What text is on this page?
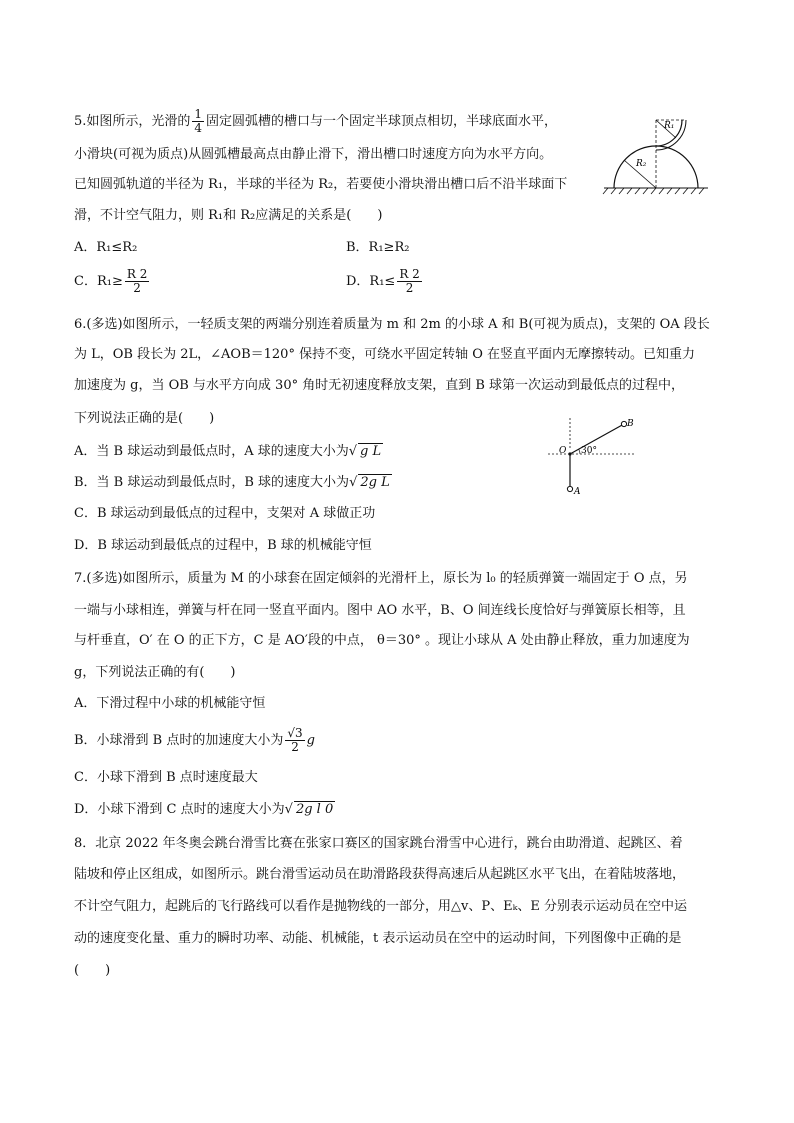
5.如图所示，光滑的 $\frac{1}{4}$ 固定圆弧槽的槽口与一个固定半球顶点相切，半球底面水平，
小滑块(可视为质点)从圆弧槽最高点由静止滑下，滑出槽口时速度方向为水平方向。
已知圆弧轨道的半径为 R₁，半球的半径为 R₂，若要使小滑块滑出槽口后不沿半球面下
滑，不计空气阻力，则 R₁和 R₂应满足的关系是(　　)
A．R₁≤R₂	B．R₁≥R₂
C．$R_1\ge \frac{R 2}{2}$	D．$R_1\le \frac{R 2}{2}$
R₂
R₁
6.(多选)如图所示，一轻质支架的两端分别连着质量为 m 和 2m 的小球 A 和 B(可视为质点)，支架的 OA 段长
为 L，OB 段长为 2L，∠AOB＝120° 保持不变，可绕水平固定转轴 O 在竖直平面内无摩擦转动。已知重力
加速度为 g，当 OB 与水平方向成 30° 角时无初速度释放支架，直到 B 球第一次运动到最低点的过程中，
下列说法正确的是(　　)
A．当 B 球运动到最低点时，A 球的速度大小为√ g L
B．当 B 球运动到最低点时，B 球的速度大小为√ 2g L
C．B 球运动到最低点的过程中，支架对 A 球做正功
D．B 球运动到最低点的过程中，B 球的机械能守恒
B
O 30°
A
7.(多选)如图所示，质量为 M 的小球套在固定倾斜的光滑杆上，原长为 l₀ 的轻质弹簧一端固定于 O 点，另
一端与小球相连，弹簧与杆在同一竖直平面内。图中 AO 水平，B、O 间连线长度恰好与弹簧原长相等，且
与杆垂直，O′ 在 O 的正下方，C 是 AO′段的中点， θ＝30° 。现让小球从 A 处由静止释放，重力加速度为
g，下列说法正确的有(　　)
A．下滑过程中小球的机械能守恒
B．小球滑到 B 点时的加速度大小为 $\frac{√3}{2}$ g
C．小球下滑到 B 点时速度最大
D．小球下滑到 C 点时的速度大小为√ 2g l 0
8．北京 2022 年冬奥会跳台滑雪比赛在张家口赛区的国家跳台滑雪中心进行，跳台由助滑道、起跳区、着
陆坡和停止区组成，如图所示。跳台滑雪运动员在助滑路段获得高速后从起跳区水平飞出，在着陆坡落地，
不计空气阻力，起跳后的飞行路线可以看作是抛物线的一部分，用△v、P、Eₖ、E 分别表示运动员在空中运
动的速度变化量、重力的瞬时功率、动能、机械能，t 表示运动员在空中的运动时间，下列图像中正确的是
(　　)
